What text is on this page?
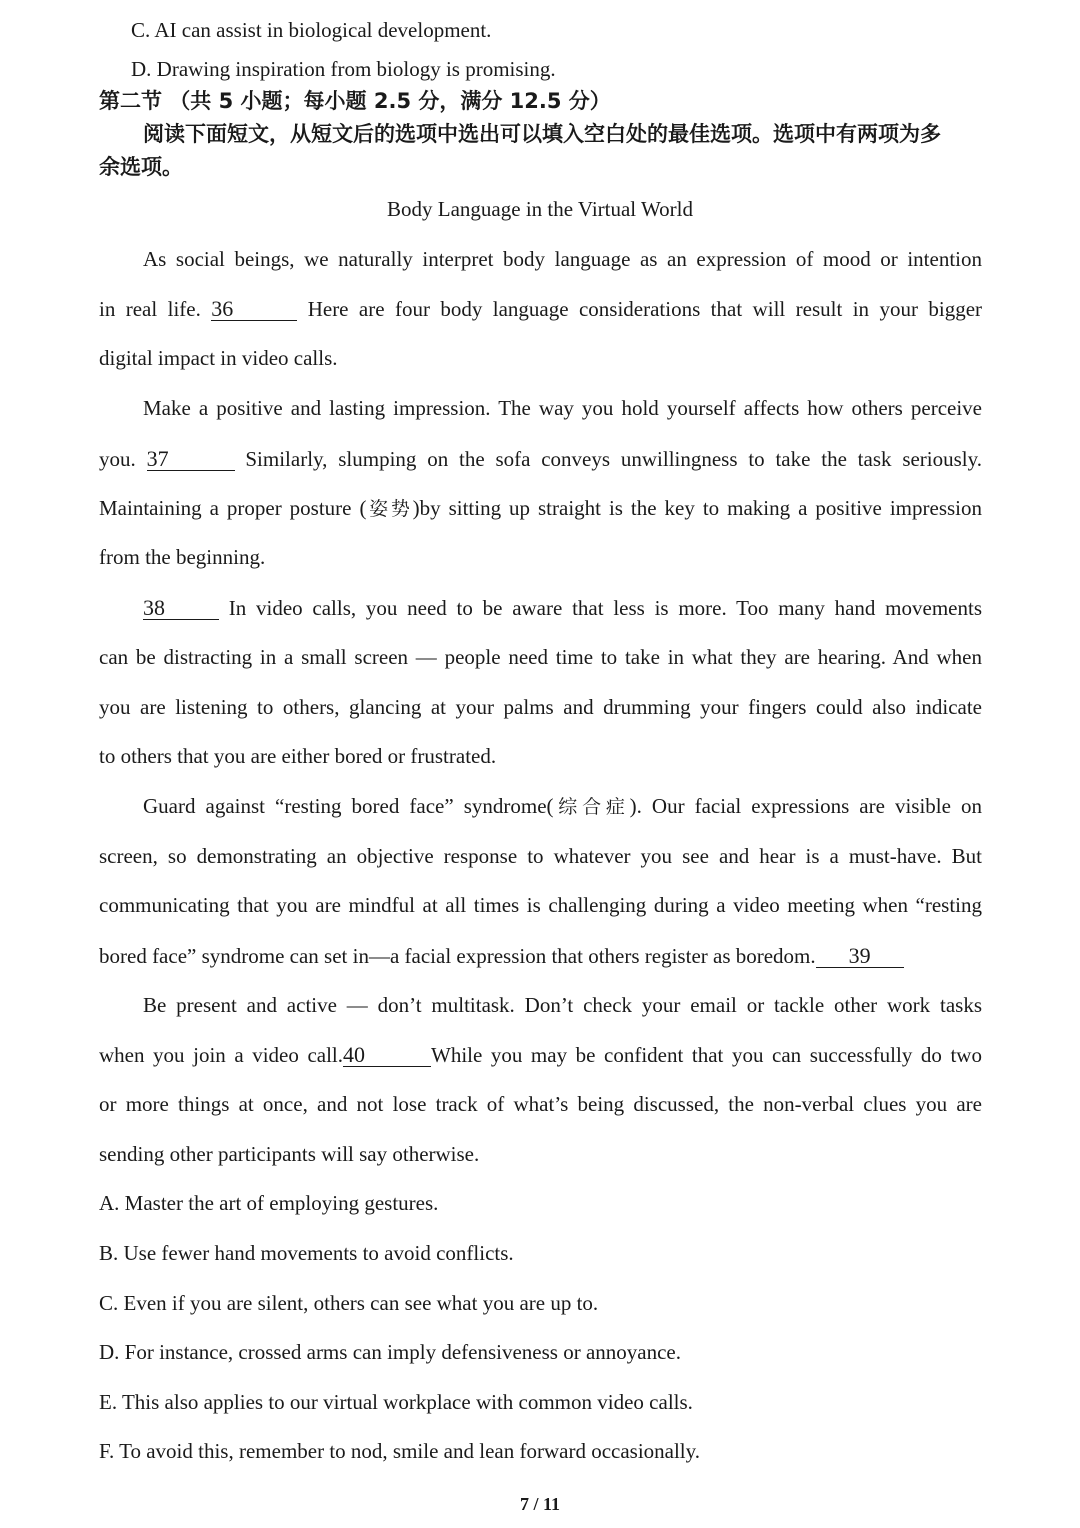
C. AI can assist in biological development.
D. Drawing inspiration from biology is promising.
第二节 （共 5 小题；每小题 2.5 分，满分 12.5 分）
阅读下面短文，从短文后的选项中选出可以填入空白处的最佳选项。选项中有两项为多
余选项。
Body Language in the Virtual World
As social beings, we naturally interpret body language as an expression of mood or intention
in real life. 36	Here are four body language considerations that will result in your bigger
digital impact in video calls.
Make a positive and lasting impression. The way you hold yourself affects how others perceive
you. 37	Similarly, slumping on the sofa conveys unwillingness to take the task seriously.
Maintaining a proper posture (姿势)by sitting up straight is the key to making a positive impression
from the beginning.
38	In video calls, you need to be aware that less is more. Too many hand movements
can be distracting in a small screen — people need time to take in what they are hearing. And when
you are listening to others, glancing at your palms and drumming your fingers could also indicate
to others that you are either bored or frustrated.
Guard against “resting bored face” syndrome(综合症). Our facial expressions are visible on
screen, so demonstrating an objective response to whatever you see and hear is a must-have. But
communicating that you are mindful at all times is challenging during a video meeting when “resting
bored face” syndrome can set in—a facial expression that others register as boredom. 39
Be present and active — don’t multitask. Don’t check your email or tackle other work tasks
when you join a video call.40	While you may be confident that you can successfully do two
or more things at once, and not lose track of what’s being discussed, the non-verbal clues you are
sending other participants will say otherwise.
A. Master the art of employing gestures.
B. Use fewer hand movements to avoid conflicts.
C. Even if you are silent, others can see what you are up to.
D. For instance, crossed arms can imply defensiveness or annoyance.
E. This also applies to our virtual workplace with common video calls.
F. To avoid this, remember to nod, smile and lean forward occasionally.
7 / 11
